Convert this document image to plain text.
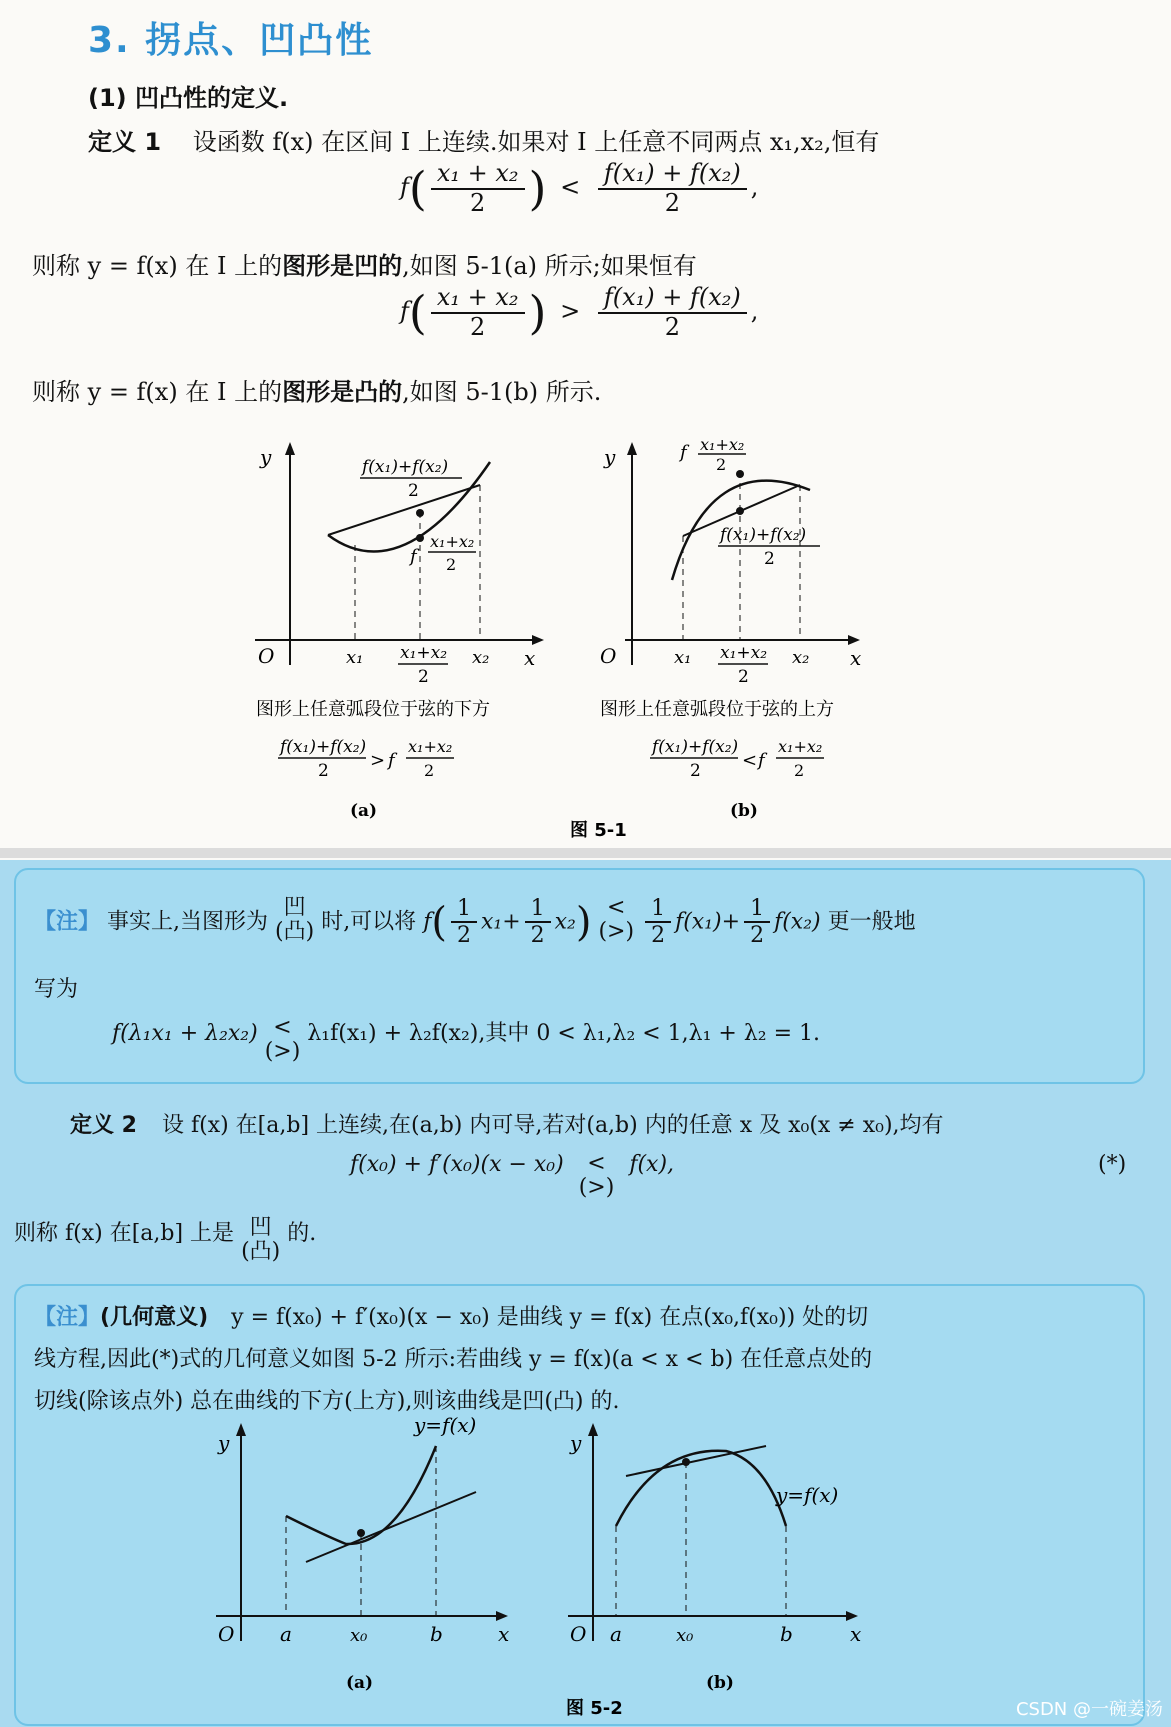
3. 拐点、凹凸性
(1) 凹凸性的定义.
定义 1 设函数 f(x) 在区间 I 上连续.如果对 I 上任意不同两点 x₁,x₂,恒有
$f( \frac{\text{x₁ + x₂}}{2}$ ) < $\frac{\text{f(x₁) + f(x₂)}}{2}$ ,
则称 y = f(x) 在 I 上的图形是凹的,如图 5-1(a) 所示;如果恒有
$f( \frac{\text{x₁ + x₂}}{2}$ ) > $\frac{\text{f(x₁) + f(x₂)}}{2}$ ,
则称 y = f(x) 在 I 上的图形是凸的,如图 5-1(b) 所示.
O
y
x
x₁	x₂
x₁+x₂
2
f(x₁)+f(x₂)
2
f
x₁+x₂
2
图形上任意弧段位于弦的下方
f(x₁)+f(x₂)
2 > f
x₁+x₂
2
(a)
O
y
x
x₁	x₂
x₁+x₂
2
f x₁+x₂
2
f(x₁)+f(x₂)
2
图形上任意弧段位于弦的上方
f(x₁)+f(x₂)
2 < f
x₁+x₂
2
(b)
图 5-1
【注】 事实上,当图形为
凹
(凸) 时,可以将 $f( \frac{1}{2} x_1+ \frac{1}{2} x_2)$ <
(>)
$\frac{1}{2} f(x_1)+ \frac{1}{2} f(x_2)$ 更一般地
写为
f(λ₁x₁ + λ₂x₂) <
(>)
λ₁f(x₁) + λ₂f(x₂),其中 0 < λ₁,λ₂ < 1,λ₁ + λ₂ = 1.
定义 2 设 f(x) 在[a,b] 上连续,在(a,b) 内可导,若对(a,b) 内的任意 x 及 x₀(x ≠ x₀),均有
f(x₀) + f′(x₀)(x − x₀) <
(>)
f(x),	(*)
则称 f(x) 在[a,b] 上是 凹
(凸)
的.
【注】(几何意义) y = f(x₀) + f′(x₀)(x − x₀) 是曲线 y = f(x) 在点(x₀,f(x₀)) 处的切
线方程,因此(*)式的几何意义如图 5-2 所示:若曲线 y = f(x)(a < x < b) 在任意点处的
切线(除该点外) 总在曲线的下方(上方),则该曲线是凹(凸) 的.
O
y
x
a	x₀	b
y=f(x)
(a)
O
y
x
a	x₀	b
y=f(x)
(b)
图 5-2	CSDN @一碗姜汤
